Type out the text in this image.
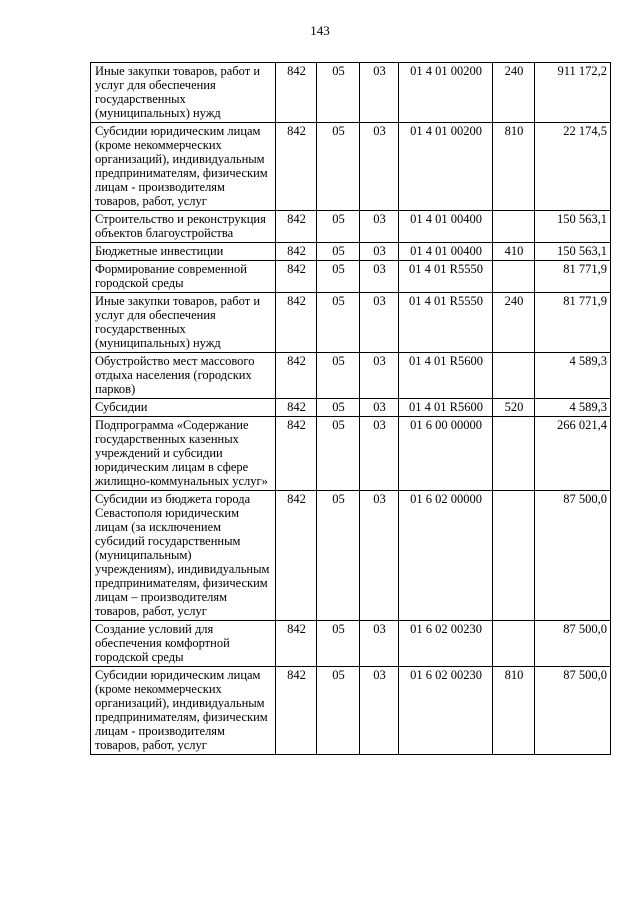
143
Иные закупки товаров, работ и услуг для обеспечения государственных (муниципальных) нужд	842	05	03	01 4 01 00200	240	911 172,2
Субсидии юридическим лицам (кроме некоммерческих организаций), индивидуальным предпринимателям, физическим лицам - производителям товаров, работ, услуг	842	05	03	01 4 01 00200	810	22 174,5
Строительство и реконструкция объектов благоустройства	842	05	03	01 4 01 00400		150 563,1
Бюджетные инвестиции	842	05	03	01 4 01 00400	410	150 563,1
Формирование современной городской среды	842	05	03	01 4 01 R5550		81 771,9
Иные закупки товаров, работ и услуг для обеспечения государственных (муниципальных) нужд	842	05	03	01 4 01 R5550	240	81 771,9
Обустройство мест массового отдыха населения (городских парков)	842	05	03	01 4 01 R5600		4 589,3
Субсидии	842	05	03	01 4 01 R5600	520	4 589,3
Подпрограмма «Содержание государственных казенных учреждений и субсидии юридическим лицам в сфере жилищно-коммунальных услуг»	842	05	03	01 6 00 00000		266 021,4
Субсидии из бюджета города Севастополя юридическим лицам (за исключением субсидий государственным (муниципальным) учреждениям), индивидуальным предпринимателям, физическим лицам – производителям товаров, работ, услуг	842	05	03	01 6 02 00000		87 500,0
Создание условий для обеспечения комфортной городской среды	842	05	03	01 6 02 00230		87 500,0
Субсидии юридическим лицам (кроме некоммерческих организаций), индивидуальным предпринимателям, физическим лицам - производителям товаров, работ, услуг	842	05	03	01 6 02 00230	810	87 500,0
